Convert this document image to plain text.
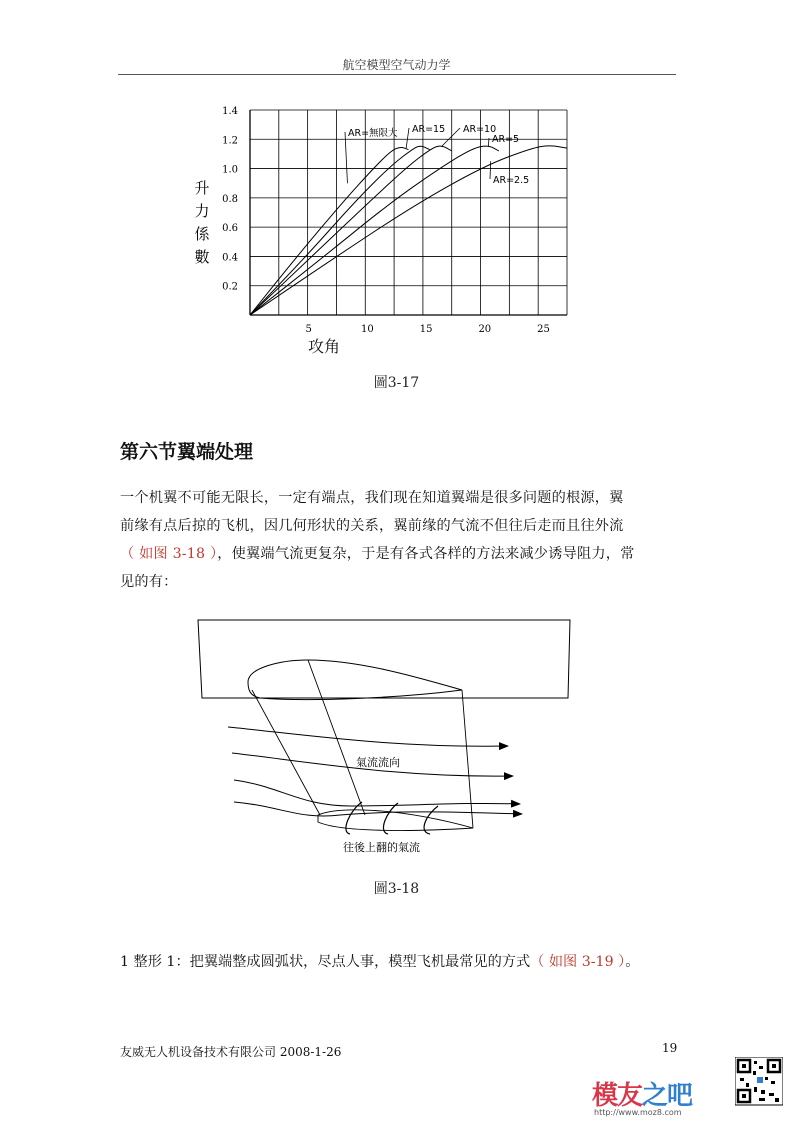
航空模型空气动力学
0.2
0.4
0.6
0.8
1.0
1.2
1.4
5	10	15	20	25
AR=無限大 AR=15 AR=10
AR=5
AR=2.5
升
力
係
數
攻角
圖3-17
第六节翼端处理
一个机翼不可能无限长，一定有端点，我们现在知道翼端是很多问题的根源，翼
前缘有点后掠的飞机，因几何形状的关系，翼前缘的气流不但往后走而且往外流
（ 如图 3-18 ），使翼端气流更复杂，于是有各式各样的方法来减少诱导阻力，常
见的有：
氣流流向
往後上翻的氣流
圖3-18
1 整形 1：把翼端整成圆弧状，尽点人事，模型飞机最常见的方式（ 如图 3-19 ）。
友威无人机设备技术有限公司 2008-1-26	19
模友之吧
http://www.moz8.com
